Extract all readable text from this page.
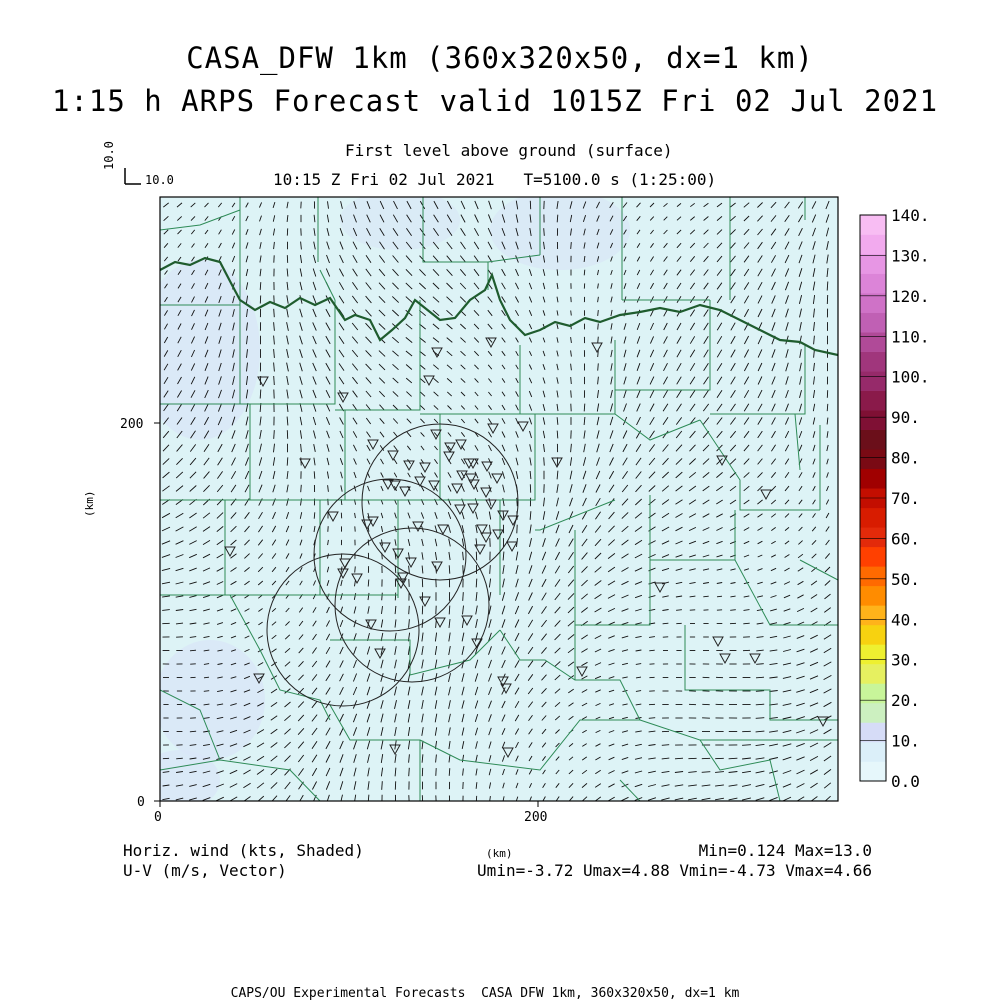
CASA_DFW 1km (360x320x50, dx=1 km)
1:15 h ARPS Forecast valid 1015Z Fri 02 Jul 2021
First level above ground (surface)
10:15 Z Fri 02 Jul 2021   T=5100.0 s (1:25:00)
10.0
10.0
0	200
0
200
(km)
(km)
0.0
10.
20.
30.
40.
50.
60.
70.
80.
90.
100.
110.
120.
130.
140.
Horiz. wind (kts, Shaded)
U-V (m/s, Vector)
Min=0.124 Max=13.0
Umin=-3.72 Umax=4.88 Vmin=-4.73 Vmax=4.66
CAPS/OU Experimental Forecasts  CASA DFW 1km, 360x320x50, dx=1 km
